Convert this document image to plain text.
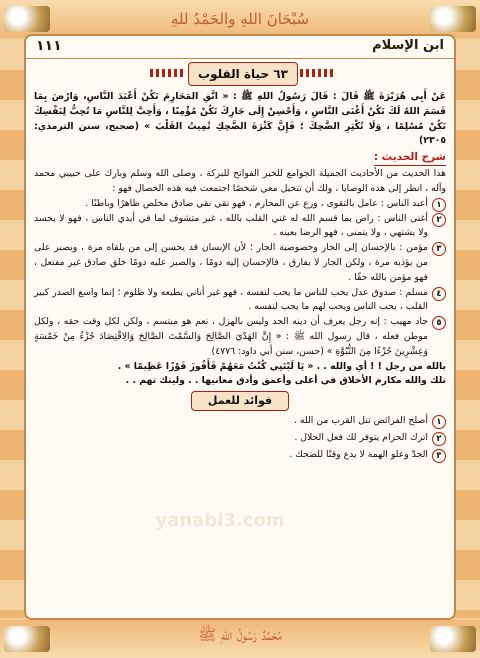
سُبْحَانَ اللهِ والحَمْدُ للهِ
مُحَمَّدٌ رَسُولُ اللهِ ﷺ
١١١	ابن الإسلام
٦٣ حياة القلوب

عَنْ أَبِي هُرَيْرَةَ ﷺ قَالَ : قَالَ رَسُولُ اللهِ ﷺ : « اتَّقِ المَحَارِمَ تَكُنْ أَعْبَدَ النَّاسِ، وَارْضَ بِمَا قَسَمَ اللهُ لَكَ تَكُنْ أَغْنَى النَّاسِ ، وَأَحْسِنْ إِلَى جَارِكَ تَكُنْ مُؤْمِنًا ، وَأَحِبَّ لِلنَّاسِ مَا تُحِبُّ لِنَفْسِكَ تَكُنْ مُسْلِمًا ، وَلَا تُكْثِرِ الضَّحِكَ ؛ فَإِنَّ كَثْرَةَ الضَّحِكِ تُمِيتُ القَلْبَ » (صحيح، سنن الترمذي: ٢٣٠٥)

شرح الحديث :

هذا الحديث من الأحاديث الجميلة الجوامع للخير الفواتح للبركة ، وصلى الله وسلم وبارك على حبيبي محمد وآله ، انظر إلى هذه الوصايا ، ولك أن تتخيل معي شخصًا اجتمعت فيه هذه الخصال فهو :

١
أعبد الناس : عامل بالتقوى ، ورع عن المحارم ، فهو تقي نقي صادق مخلص ظاهرًا وباطنًا .
٢
أغنى الناس : راض بما قسم الله له غني القلب بالله ، غير متشوف لما في أيدي الناس ، فهو لا يحسد ولا يشتهي ، ولا يتمنى ، فهو الرضا بعينه .
٣
مؤمن : بالإحسان إلى الجار وخصوصية الجار ؛ لأن الإنسان قد يحسن إلى من يلقاه مرة ، ويصبر على من يؤذيه مرة ، ولكن الجار لا يفارق ، فالإحسان إليه دومًا ، والصبر عليه دومًا خلق صادق غير مفتعل ، فهو مؤمن بالله حقًا .
٤
مسلم : صدوق عدل يحب للناس ما يحب لنفسه ، فهو غير أناني يطيعه ولا ظلوم ؛ إنما واسع الصدر كبير القلب ، يحب الناس ويحب لهم ما يحب لنفسه .
٥
جاد مهيب : إنه رجل يعرف أن دينه الجد وليس بالهزل ، نعم هو مبتسم ، ولكن لكل وقت حقه ، ولكل موطن فعله ، قال رسول الله ﷺ : « إِنَّ الهَدْيَ الصَّالِحَ وَالسَّمْتَ الصَّالِحَ وَالِاقْتِصَادَ جُزْءٌ مِنْ خَمْسَةٍ وَعِشْرِينَ جُزْءًا مِنَ النُّبُوَّةِ » (حسن، سنن أبي داود: ٤٧٧٦)

بالله من رجل ! ! أي والله . . « يَا لَيْتَنِي كُنْتُ مَعَهُمْ فَأَفُوزَ فَوْزًا عَظِيمًا » .

تلك والله مكارم الأخلاق في أعلى وأعمق وأدق معانيها . . وليتك تهم . .

فوائد للعمل
١
أصلح الفرائض تنل القرب من الله .
٢
اترك الحرام يتوفر لك فعل الحلال .
٣
الجدّ وعلو الهمة لا يدع وقتًا للضحك .
yanabi3.com
